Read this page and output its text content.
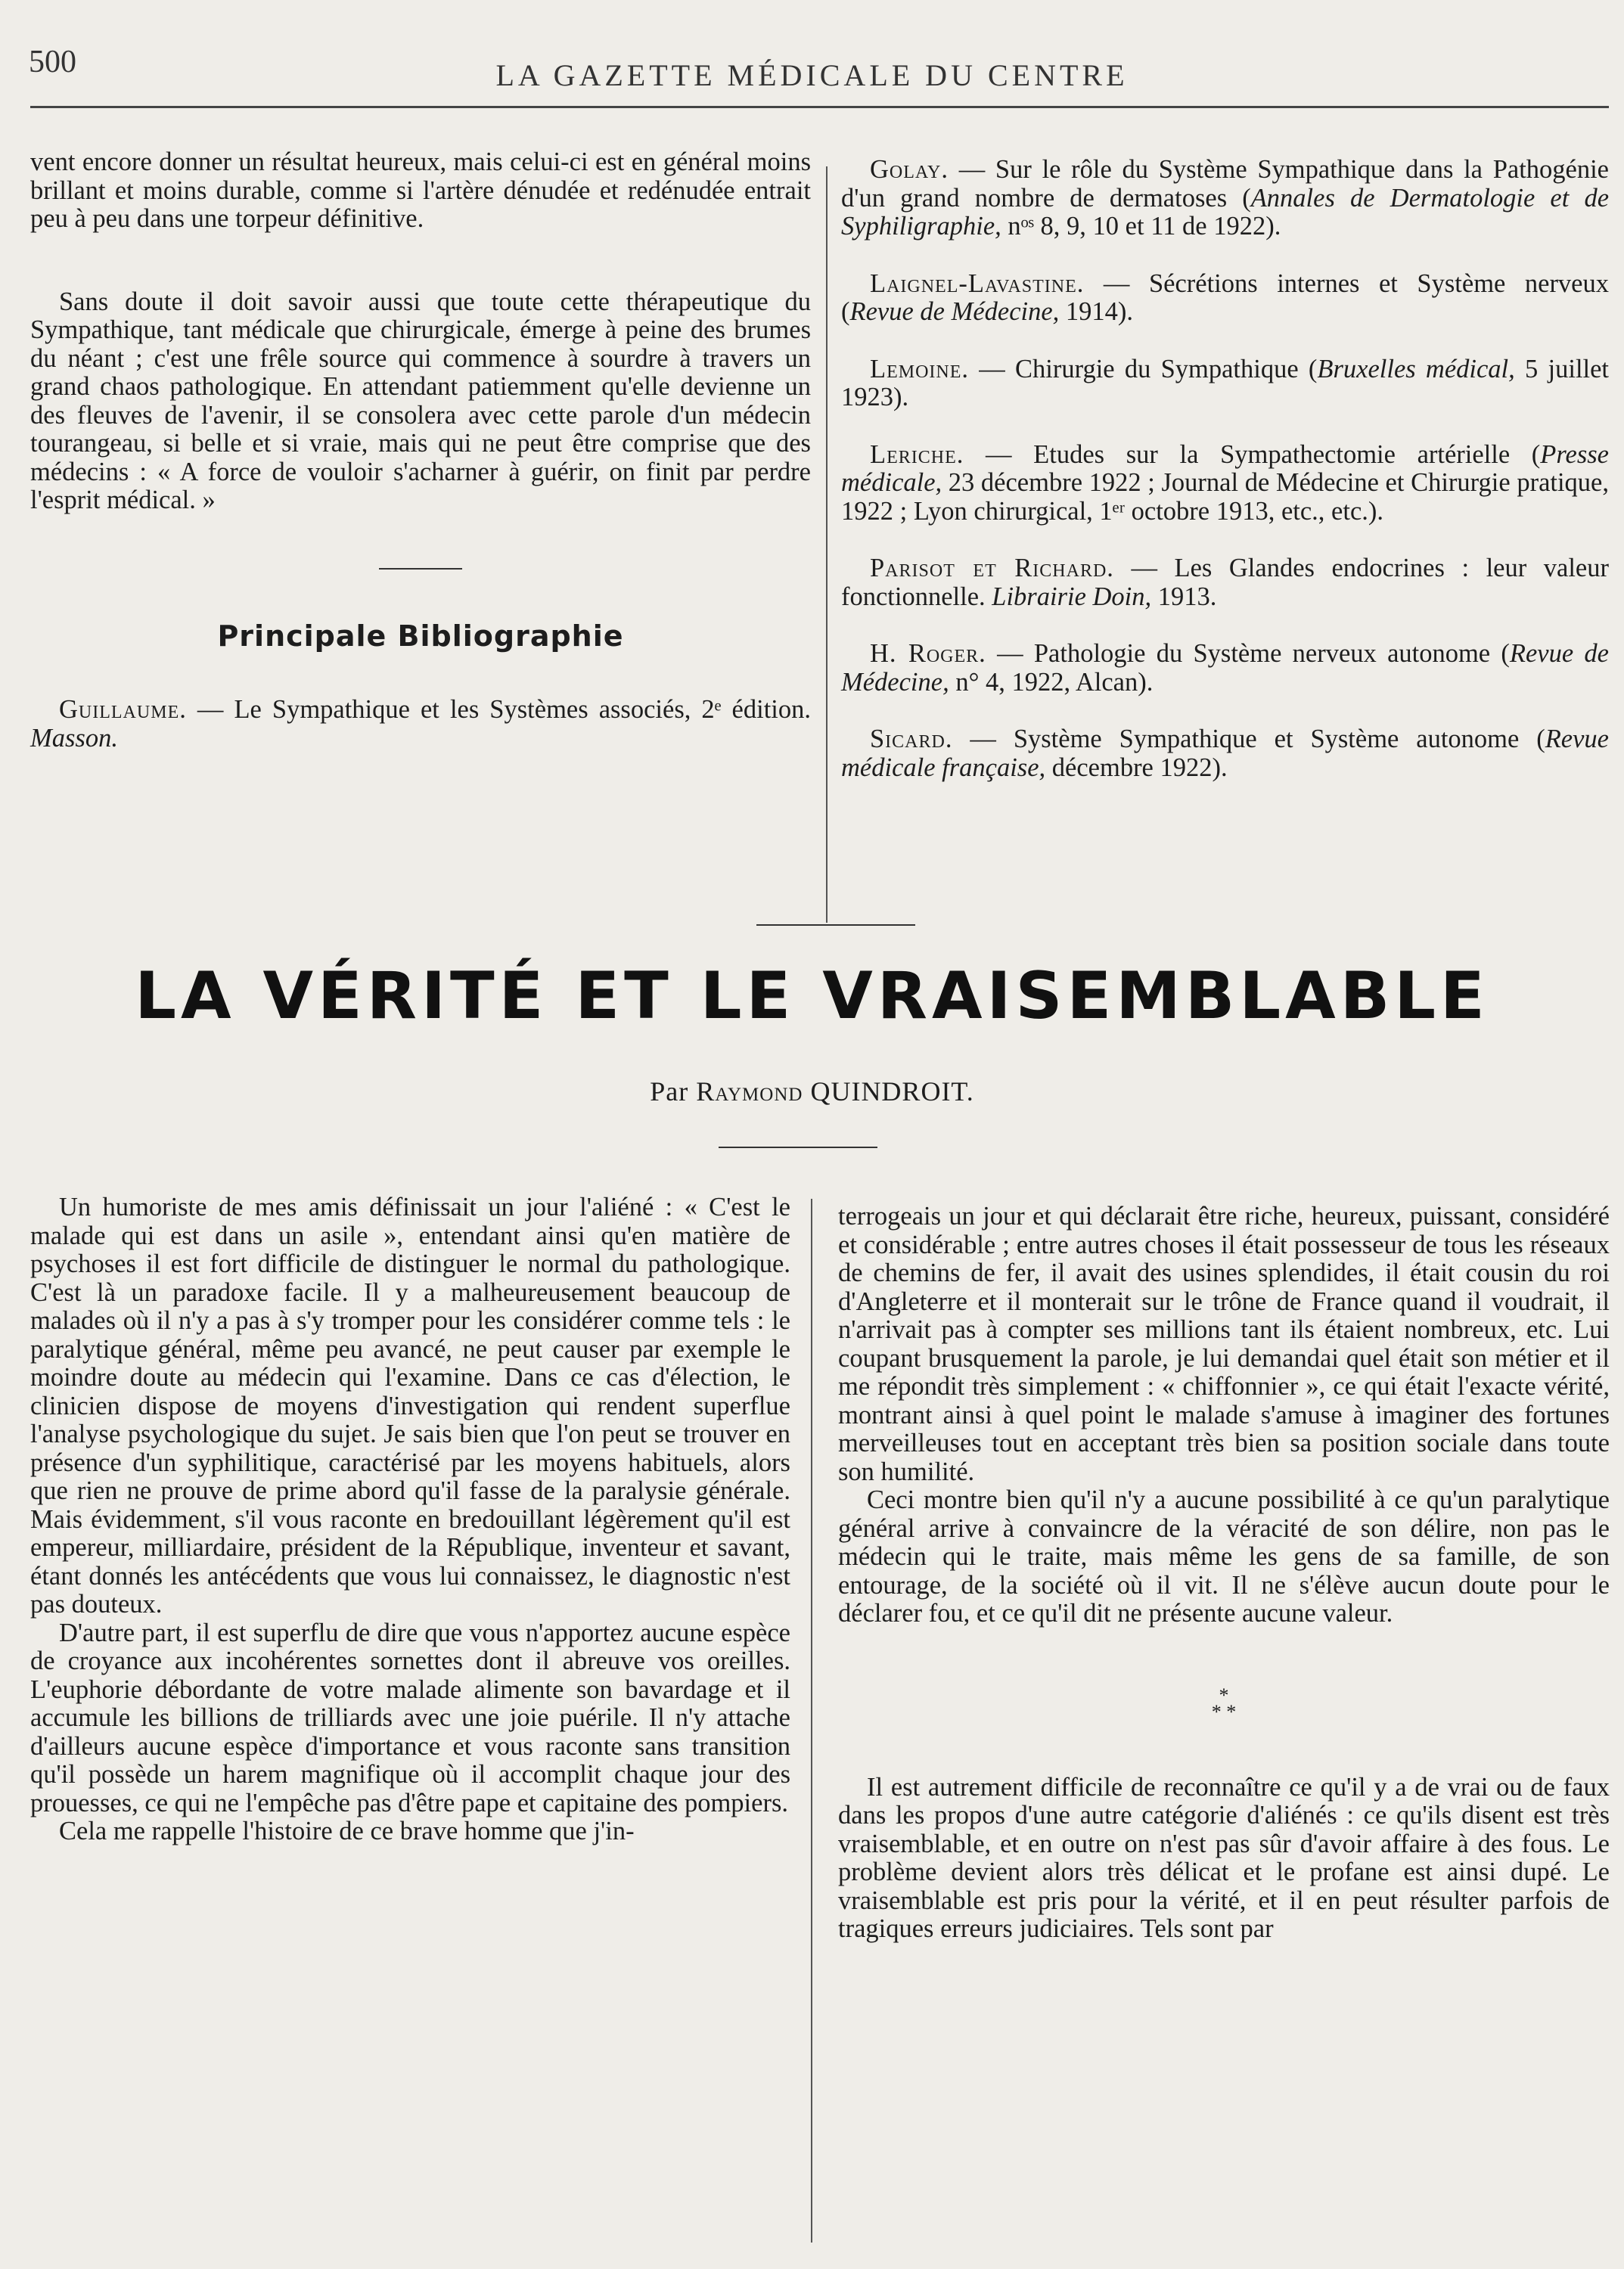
500	LA GAZETTE MÉDICALE DU CENTRE

vent encore donner un résultat heureux, mais celui-ci est en général moins brillant et moins durable, comme si l'artère dénudée et redénudée entrait peu à peu dans une torpeur définitive.

Sans doute il doit savoir aussi que toute cette thérapeutique du Sympathique, tant médicale que chirurgicale, émerge à peine des brumes du néant ; c'est une frêle source qui commence à sourdre à travers un grand chaos pathologique. En attendant patiemment qu'elle devienne un des fleuves de l'avenir, il se consolera avec cette parole d'un médecin tourangeau, si belle et si vraie, mais qui ne peut être comprise que des médecins : « A force de vouloir s'acharner à guérir, on finit par perdre l'esprit médical. »

Principale Bibliographie

Guillaume. — Le Sympathique et les Systèmes associés, 2ᵉ édition. Masson.

Golay. — Sur le rôle du Système Sympathique dans la Pathogénie d'un grand nombre de dermatoses (Annales de Dermatologie et de Syphiligraphie, nᵒˢ 8, 9, 10 et 11 de 1922).

Laignel-Lavastine. — Sécrétions internes et Système nerveux (Revue de Médecine, 1914).

Lemoine. — Chirurgie du Sympathique (Bruxelles médical, 5 juillet 1923).

Leriche. — Etudes sur la Sympathectomie artérielle (Presse médicale, 23 décembre 1922 ; Journal de Médecine et Chirurgie pratique, 1922 ; Lyon chirurgical, 1ᵉʳ octobre 1913, etc., etc.).

Parisot et Richard. — Les Glandes endocrines : leur valeur fonctionnelle. Librairie Doin, 1913.

H. Roger. — Pathologie du Système nerveux autonome (Revue de Médecine, n° 4, 1922, Alcan).

Sicard. — Système Sympathique et Système autonome (Revue médicale française, décembre 1922).

LA VÉRITÉ ET LE VRAISEMBLABLE
Par Raymond QUINDROIT.

Un humoriste de mes amis définissait un jour l'aliéné : « C'est le malade qui est dans un asile », entendant ainsi qu'en matière de psychoses il est fort difficile de distinguer le normal du pathologique. C'est là un paradoxe facile. Il y a malheureusement beaucoup de malades où il n'y a pas à s'y tromper pour les considérer comme tels : le paralytique général, même peu avancé, ne peut causer par exemple le moindre doute au médecin qui l'examine. Dans ce cas d'élection, le clinicien dispose de moyens d'investigation qui rendent superflue l'analyse psychologique du sujet. Je sais bien que l'on peut se trouver en présence d'un syphilitique, caractérisé par les moyens habituels, alors que rien ne prouve de prime abord qu'il fasse de la paralysie générale. Mais évidemment, s'il vous raconte en bredouillant légèrement qu'il est empereur, milliardaire, président de la République, inventeur et savant, étant donnés les antécédents que vous lui connaissez, le diagnostic n'est pas douteux.

D'autre part, il est superflu de dire que vous n'apportez aucune espèce de croyance aux incohérentes sornettes dont il abreuve vos oreilles. L'euphorie débordante de votre malade alimente son bavardage et il accumule les billions de trilliards avec une joie puérile. Il n'y attache d'ailleurs aucune espèce d'importance et vous raconte sans transition qu'il possède un harem magnifique où il accomplit chaque jour des prouesses, ce qui ne l'empêche pas d'être pape et capitaine des pompiers.

Cela me rappelle l'histoire de ce brave homme que j'in-

terrogeais un jour et qui déclarait être riche, heureux, puissant, considéré et considérable ; entre autres choses il était possesseur de tous les réseaux de chemins de fer, il avait des usines splendides, il était cousin du roi d'Angleterre et il monterait sur le trône de France quand il voudrait, il n'arrivait pas à compter ses millions tant ils étaient nombreux, etc. Lui coupant brusquement la parole, je lui demandai quel était son métier et il me répondit très simplement : « chiffonnier », ce qui était l'exacte vérité, montrant ainsi à quel point le malade s'amuse à imaginer des fortunes merveilleuses tout en acceptant très bien sa position sociale dans toute son humilité.

Ceci montre bien qu'il n'y a aucune possibilité à ce qu'un paralytique général arrive à convaincre de la véracité de son délire, non pas le médecin qui le traite, mais même les gens de sa famille, de son entourage, de la société où il vit. Il ne s'élève aucun doute pour le déclarer fou, et ce qu'il dit ne présente aucune valeur.

*
* *

Il est autrement difficile de reconnaître ce qu'il y a de vrai ou de faux dans les propos d'une autre catégorie d'aliénés : ce qu'ils disent est très vraisemblable, et en outre on n'est pas sûr d'avoir affaire à des fous. Le problème devient alors très délicat et le profane est ainsi dupé. Le vraisemblable est pris pour la vérité, et il en peut résulter parfois de tragiques erreurs judiciaires. Tels sont par
